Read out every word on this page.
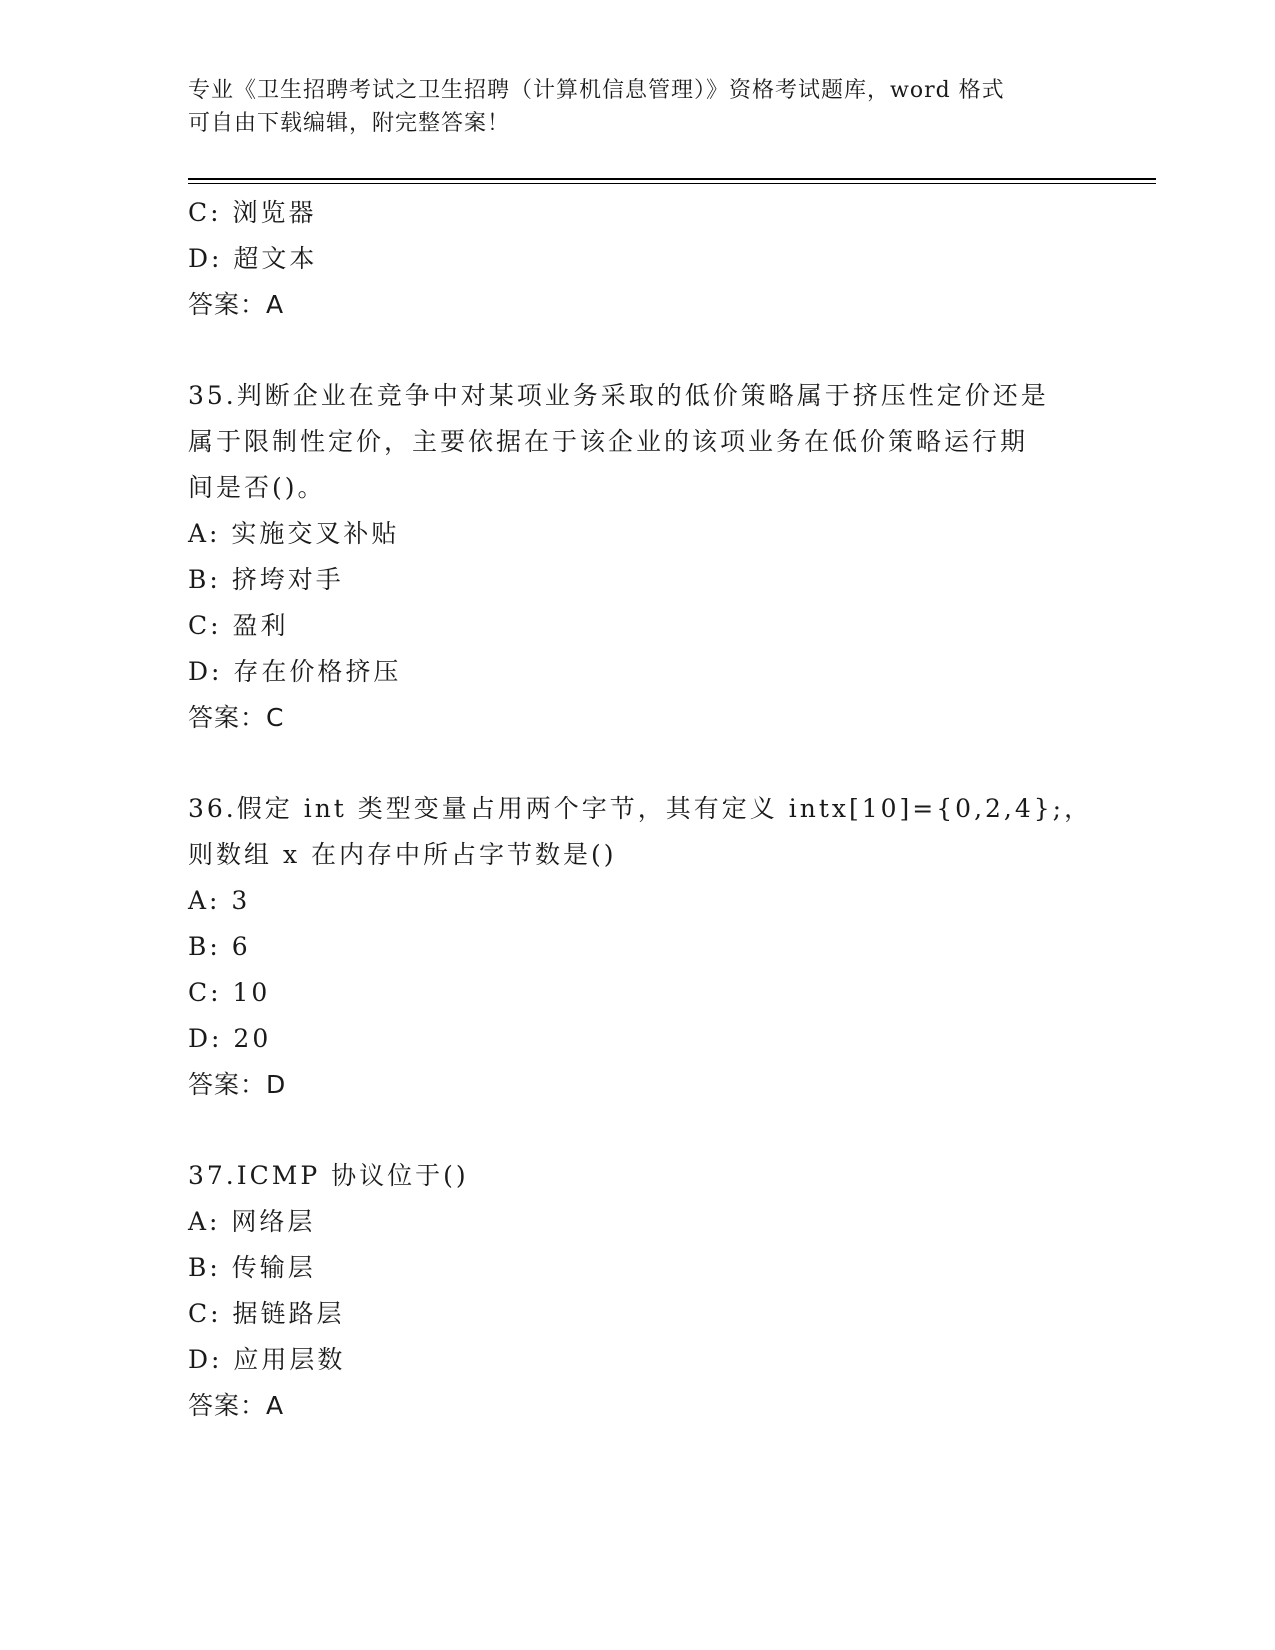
专业《卫生招聘考试之卫生招聘（计算机信息管理）》资格考试题库，word 格式
可自由下载编辑，附完整答案！
C: 浏览器
D: 超文本
答案：A
35.判断企业在竞争中对某项业务采取的低价策略属于挤压性定价还是
属于限制性定价，主要依据在于该企业的该项业务在低价策略运行期
间是否()。
A: 实施交叉补贴
B: 挤垮对手
C: 盈利
D: 存在价格挤压
答案：C
36.假定 int 类型变量占用两个字节，其有定义 intx[10]={0,2,4};，
则数组 x 在内存中所占字节数是()
A: 3
B: 6
C: 10
D: 20
答案：D
37.ICMP 协议位于()
A: 网络层
B: 传输层
C: 据链路层
D: 应用层数
答案：A
